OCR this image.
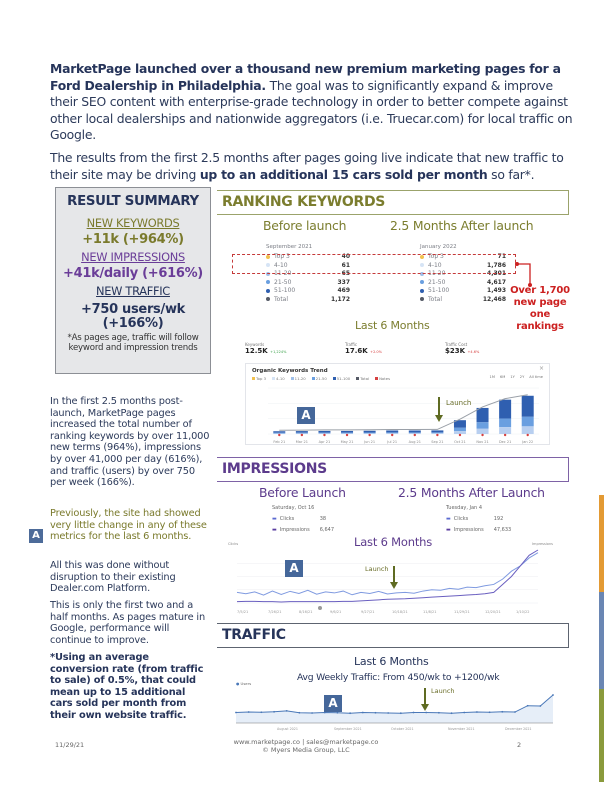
MarketPage launched over a thousand new premium marketing pages for a Ford Dealership in Philadelphia. The goal was to significantly expand & improve their SEO content with enterprise-grade technology in order to better compete against other local dealerships and nationwide aggregators (i.e. Truecar.com) for local traffic on Google.

The results from the first 2.5 months after pages going live indicate that new traffic to their site may be driving up to an additional 15 cars sold per month so far*.

RESULT SUMMARY
NEW KEYWORDS
+11k (+964%)
NEW IMPRESSIONS
+41k/daily (+616%)
NEW TRAFFIC
+750 users/wk
(+166%)
*As pages age, traffic will follow keyword and impression trends
In the first 2.5 months post-launch, MarketPage pages increased the total number of ranking keywords by over 11,000 new terms (964%), impressions by over 41,000 per day (616%), and traffic (users) by over 750 per week (166%).
Previously, the site had showed very little change in any of these metrics for the last 6 months.
A
All this was done without disruption to their existing Dealer.com Platform.
This is only the first two and a half months. As pages mature in Google, performance will continue to improve.
*Using an average conversion rate (from traffic to sale) of 0.5%, that could mean up to 15 additional cars sold per month from their own website traffic.
RANKING KEYWORDS
Before launch	2.5 Months After launch
September 2021
Top 3	40
4-10	61
11-20	65
21-50	337
51-100	469
Total	1,172
January 2022
Top 3	71
4-10	1,786
11-20	4,301
21-50	4,617
51-100	1,493
Total	12,468
Over 1,700 new page one rankings
Last 6 Months
Keywords
12.5K +1,224%
Traffic
17.6K +2.0%
Traffic Cost
$23K +4.6%
Organic Keywords Trend
Top 3	4-10	11-20	21-50	51-100	Total	Notes	1M 6M 1Y 2Y All time
×
Feb 21	Mar 21	Apr 21	May 21	Jun 21	Jul 21	Aug 21	Sep 21	Oct 21	Nov 21	Dec 21	Jan 22
A
Launch
IMPRESSIONS
Before Launch	2.5 Months After Launch
Saturday, Oct 16
▬ Clicks	38
▬ Impressions	6,647
Tuesday, Jan 4
▬ Clicks	192
▬ Impressions	47,633
Last 6 Months
Clicks	Impressions
7/5/21	7/26/21	8/16/21	9/6/21	9/27/21	10/18/21	11/8/21	11/29/21	12/20/21	1/10/22
A	Launch
TRAFFIC
Last 6 Months
Avg Weekly Traffic: From 450/wk to +1200/wk
● Users
August 2021	September 2021	October 2021	November 2021	December 2021
A
Launch
11/29/21	www.marketpage.co | sales@marketpage.co
© Myers Media Group, LLC
2
